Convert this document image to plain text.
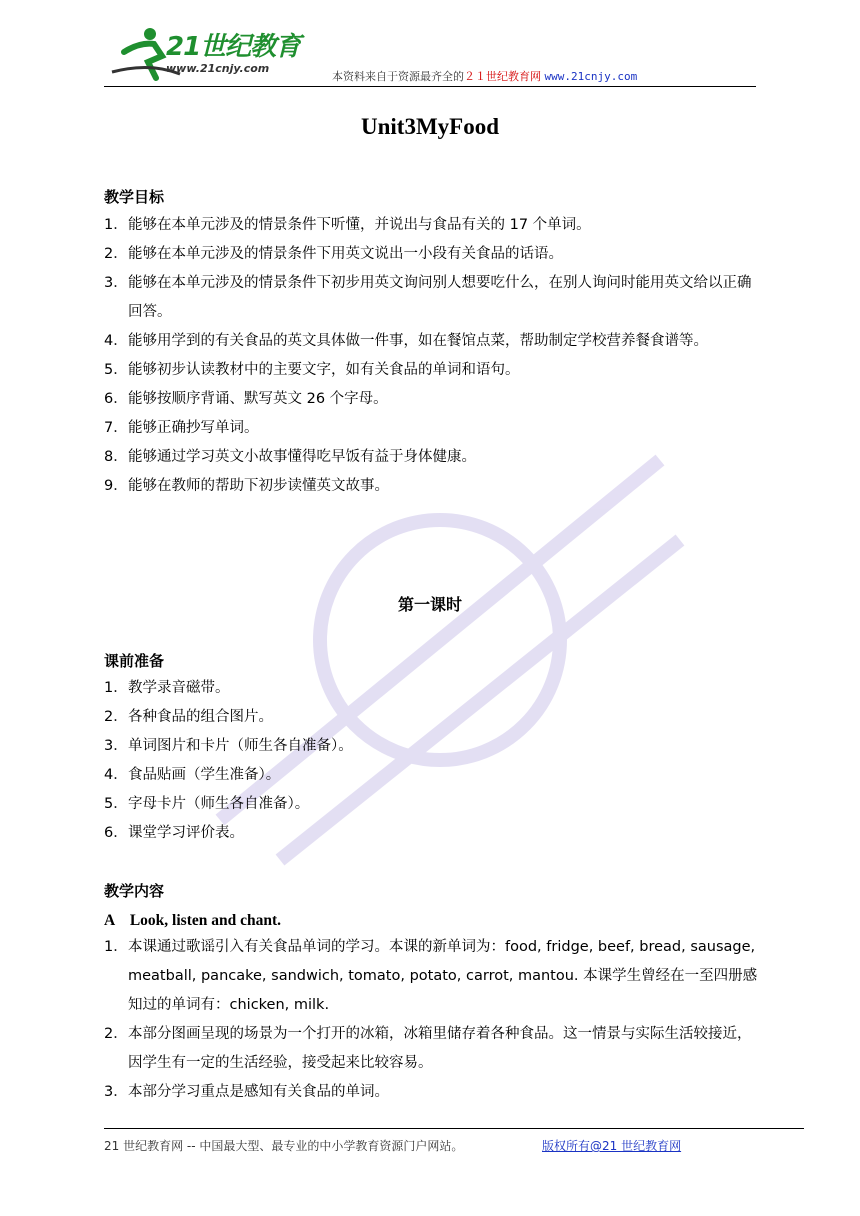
21世纪教育
www.21cnjy.com
本资料来自于资源最齐全的２１世纪教育网 www.21cnjy.com
Unit3MyFood
教学目标
1． 能够在本单元涉及的情景条件下听懂，并说出与食品有关的 17 个单词。
2． 能够在本单元涉及的情景条件下用英文说出一小段有关食品的话语。
3． 能够在本单元涉及的情景条件下初步用英文询问别人想要吃什么，在别人询问时能用英文给以正确回答。
4． 能够用学到的有关食品的英文具体做一件事，如在餐馆点菜，帮助制定学校营养餐食谱等。
5． 能够初步认读教材中的主要文字，如有关食品的单词和语句。
6． 能够按顺序背诵、默写英文 26 个字母。
7． 能够正确抄写单词。
8． 能够通过学习英文小故事懂得吃早饭有益于身体健康。
9． 能够在教师的帮助下初步读懂英文故事。
第一课时
课前准备
1． 教学录音磁带。
2． 各种食品的组合图片。
3． 单词图片和卡片（师生各自准备）。
4． 食品贴画（学生准备）。
5． 字母卡片（师生各自准备）。
6． 课堂学习评价表。
教学内容
A　Look, listen and chant.
1． 本课通过歌谣引入有关食品单词的学习。本课的新单词为：food, fridge, beef, bread, sausage, meatball, pancake, sandwich, tomato, potato, carrot, mantou. 本课学生曾经在一至四册感知过的单词有：chicken, milk.
2． 本部分图画呈现的场景为一个打开的冰箱，冰箱里储存着各种食品。这一情景与实际生活较接近，因学生有一定的生活经验，接受起来比较容易。
3． 本部分学习重点是感知有关食品的单词。
21 世纪教育网 -- 中国最大型、最专业的中小学教育资源门户网站。	版权所有@21 世纪教育网
